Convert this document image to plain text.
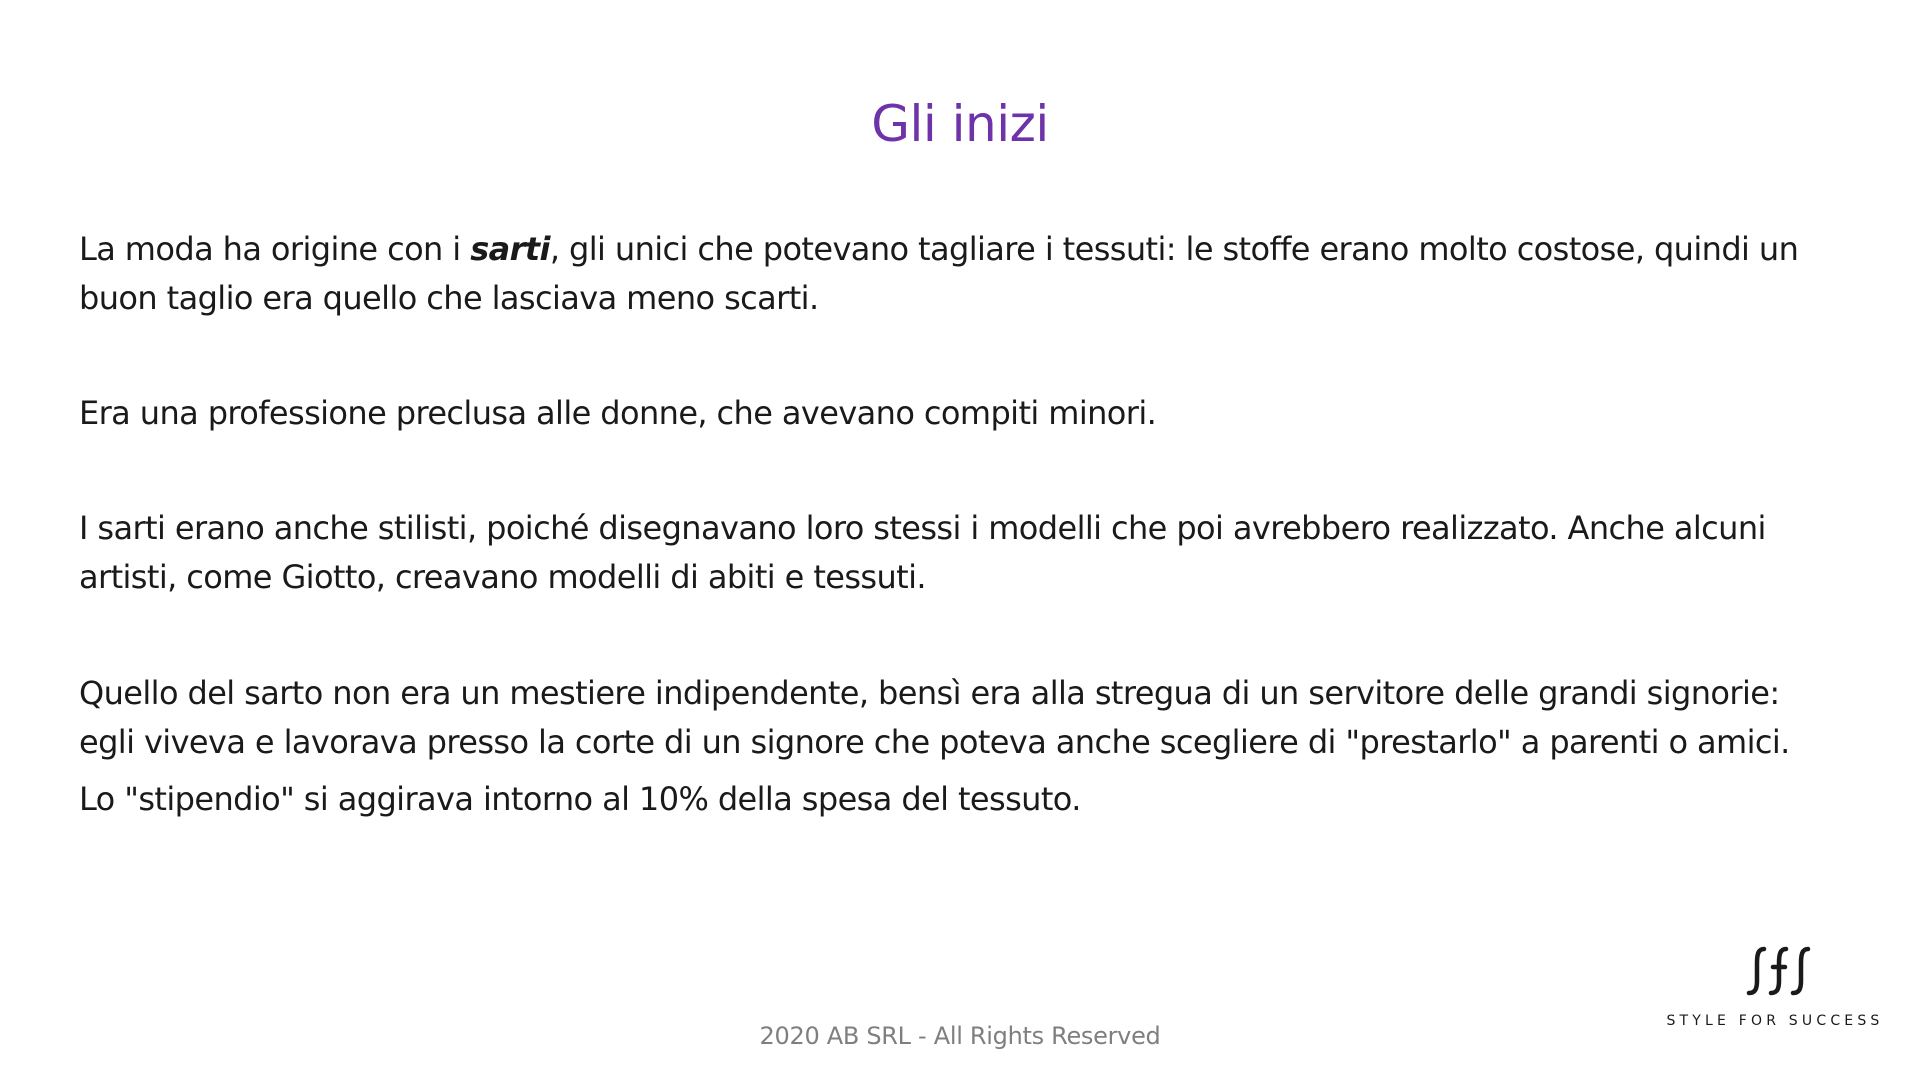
Gli inizi

La moda ha origine con i sarti, gli unici che potevano tagliare i tessuti: le stoffe erano molto costose, quindi un
buon taglio era quello che lasciava meno scarti.

Era una professione preclusa alle donne, che avevano compiti minori.

I sarti erano anche stilisti, poiché disegnavano loro stessi i modelli che poi avrebbero realizzato. Anche alcuni
artisti, come Giotto, creavano modelli di abiti e tessuti.

Quello del sarto non era un mestiere indipendente, bensì era alla stregua di un servitore delle grandi signorie:
egli viveva e lavorava presso la corte di un signore che poteva anche scegliere di "prestarlo" a parenti o amici.

Lo "stipendio" si aggirava intorno al 10% della spesa del tessuto.

2020 AB SRL - All Rights Reserved
STYLE FOR SUCCESS
